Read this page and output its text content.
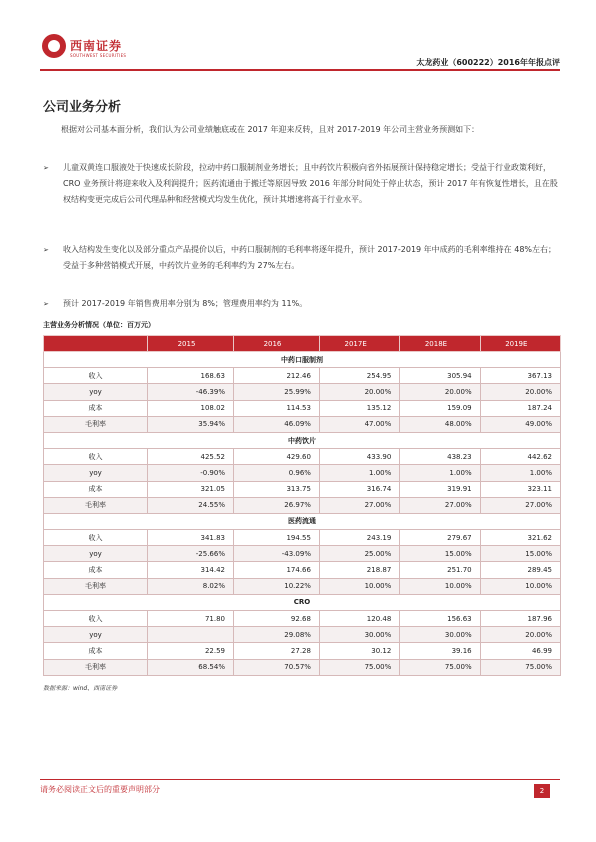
西南证券
SOUTHWEST SECURITIES
太龙药业（600222）2016年年报点评
公司业务分析
根据对公司基本面分析，我们认为公司业绩触底或在 2017 年迎来反转，且对 2017-2019 年公司主营业务预测如下：
➢ 儿童双黄连口服液处于快速成长阶段，拉动中药口服制剂业务增长；且中药饮片积极向省外拓展预计保持稳定增长；受益于行业政策利好，CRO 业务预计将迎来收入及利润提升；医药流通由于搬迁等原因导致 2016 年部分时间处于停止状态，预计 2017 年有恢复性增长，且在股权结构变更完成后公司代理品种和经营模式均发生优化，预计其增速将高于行业水平。
➢ 收入结构发生变化以及部分重点产品提价以后，中药口服制剂的毛利率将逐年提升，预计 2017-2019 年中成药的毛利率维持在 48%左右；受益于多种营销模式开展，中药饮片业务的毛利率约为 27%左右。
➢ 预计 2017-2019 年销售费用率分别为 8%；管理费用率约为 11%。
主营业务分析情况（单位：百万元）
	2015	2016	2017E	2018E	2019E
中药口服制剂					
收入	168.63	212.46	254.95	305.94	367.13
yoy	-46.39%	25.99%	20.00%	20.00%	20.00%
成本	108.02	114.53	135.12	159.09	187.24
毛利率	35.94%	46.09%	47.00%	48.00%	49.00%
中药饮片					
收入	425.52	429.60	433.90	438.23	442.62
yoy	-0.90%	0.96%	1.00%	1.00%	1.00%
成本	321.05	313.75	316.74	319.91	323.11
毛利率	24.55%	26.97%	27.00%	27.00%	27.00%
医药流通					
收入	341.83	194.55	243.19	279.67	321.62
yoy	-25.66%	-43.09%	25.00%	15.00%	15.00%
成本	314.42	174.66	218.87	251.70	289.45
毛利率	8.02%	10.22%	10.00%	10.00%	10.00%
CRO					
收入	71.80	92.68	120.48	156.63	187.96
yoy		29.08%	30.00%	30.00%	20.00%
成本	22.59	27.28	30.12	39.16	46.99
毛利率	68.54%	70.57%	75.00%	75.00%	75.00%
数据来源：wind、西南证券
请务必阅读正文后的重要声明部分	2
